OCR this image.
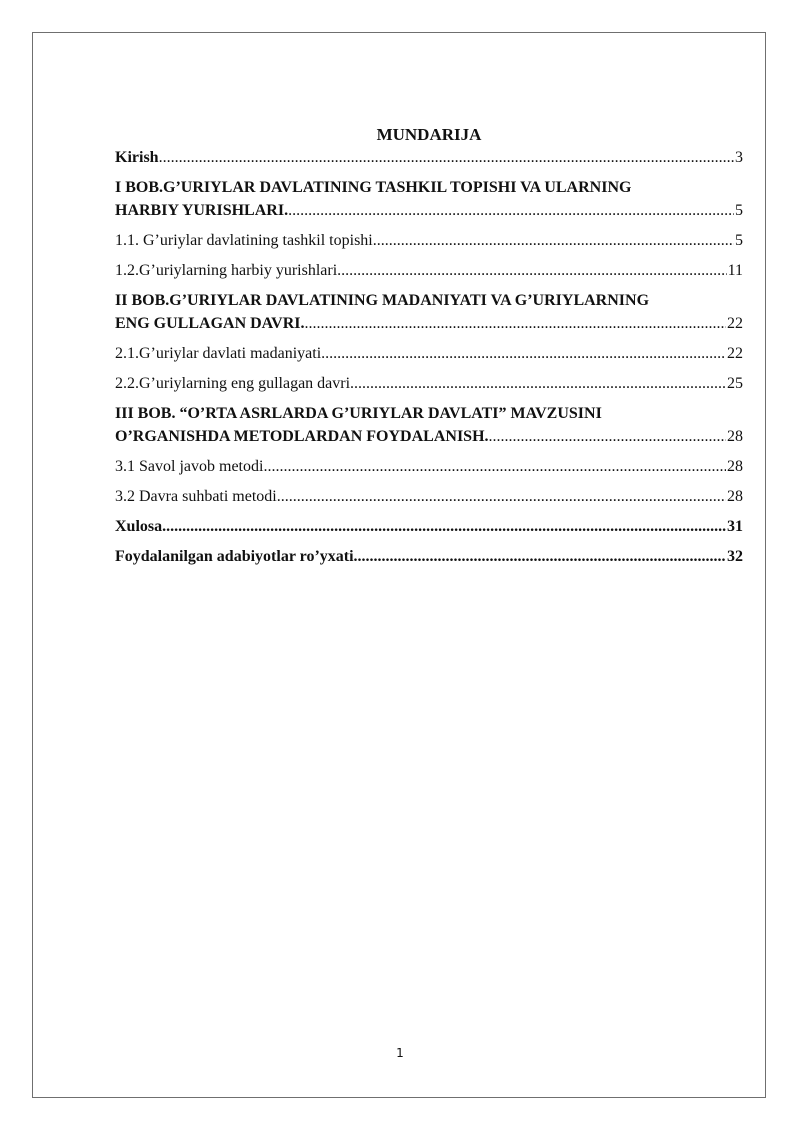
MUNDARIJA
Kirish .....	3
I BOB.G’URIYLAR DAVLATINING TASHKIL TOPISHI VA ULARNING
HARBIY YURISHLARI. .....	5
1.1. G’uriylar davlatining tashkil topishi .....	5
1.2.G’uriylarning harbiy yurishlari .....	11
II BOB.G’URIYLAR DAVLATINING MADANIYATI VA G’URIYLARNING
ENG GULLAGAN DAVRI. .....	22
2.1.G’uriylar davlati madaniyati .....	22
2.2.G’uriylarning eng gullagan davri .....	25
III BOB. “O’RTA ASRLARDA G’URIYLAR DAVLATI” MAVZUSINI
O’RGANISHDA METODLARDAN FOYDALANISH. .....	28
3.1 Savol javob metodi .....	28
3.2 Davra suhbati metodi .....	28
Xulosa. .....	31
Foydalanilgan adabiyotlar ro’yxati .....	32
1
